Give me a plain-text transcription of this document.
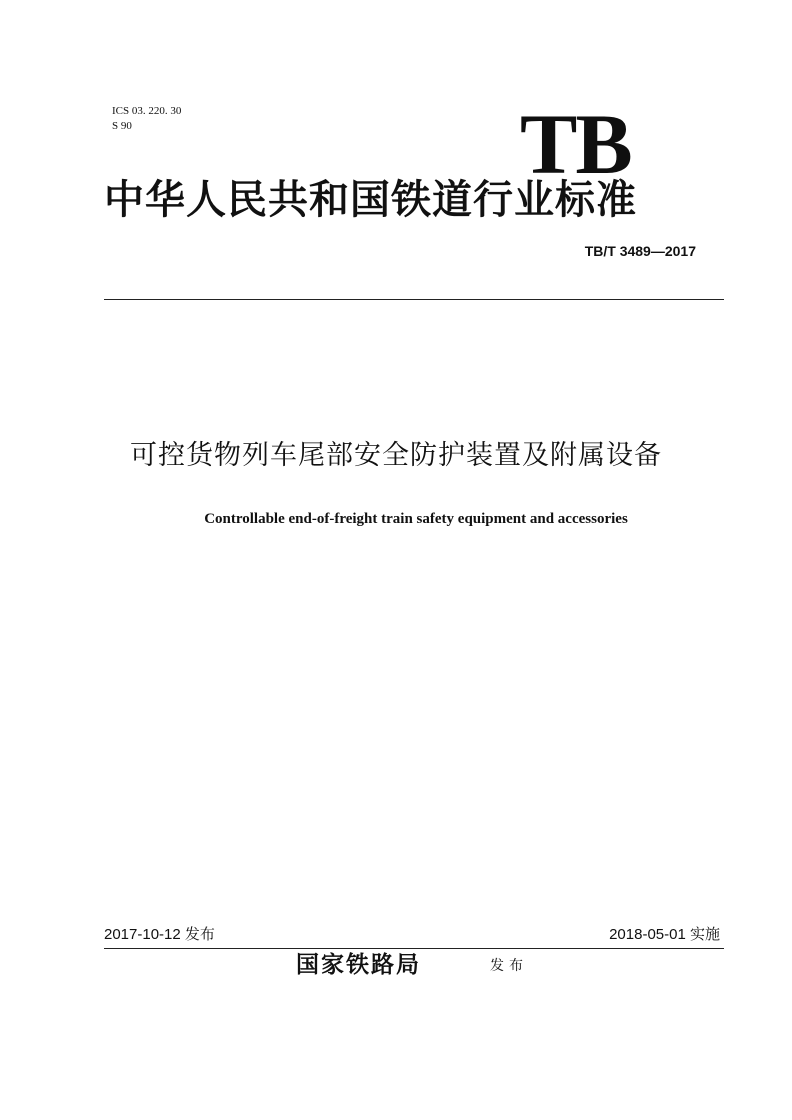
ICS 03. 220. 30
S 90	TB
中华人民共和国铁道行业标准
TB/T 3489—2017
可控货物列车尾部安全防护装置及附属设备
Controllable end-of-freight train safety equipment and accessories
2017-10-12 发布	2018-05-01 实施
国家铁路局	发布
